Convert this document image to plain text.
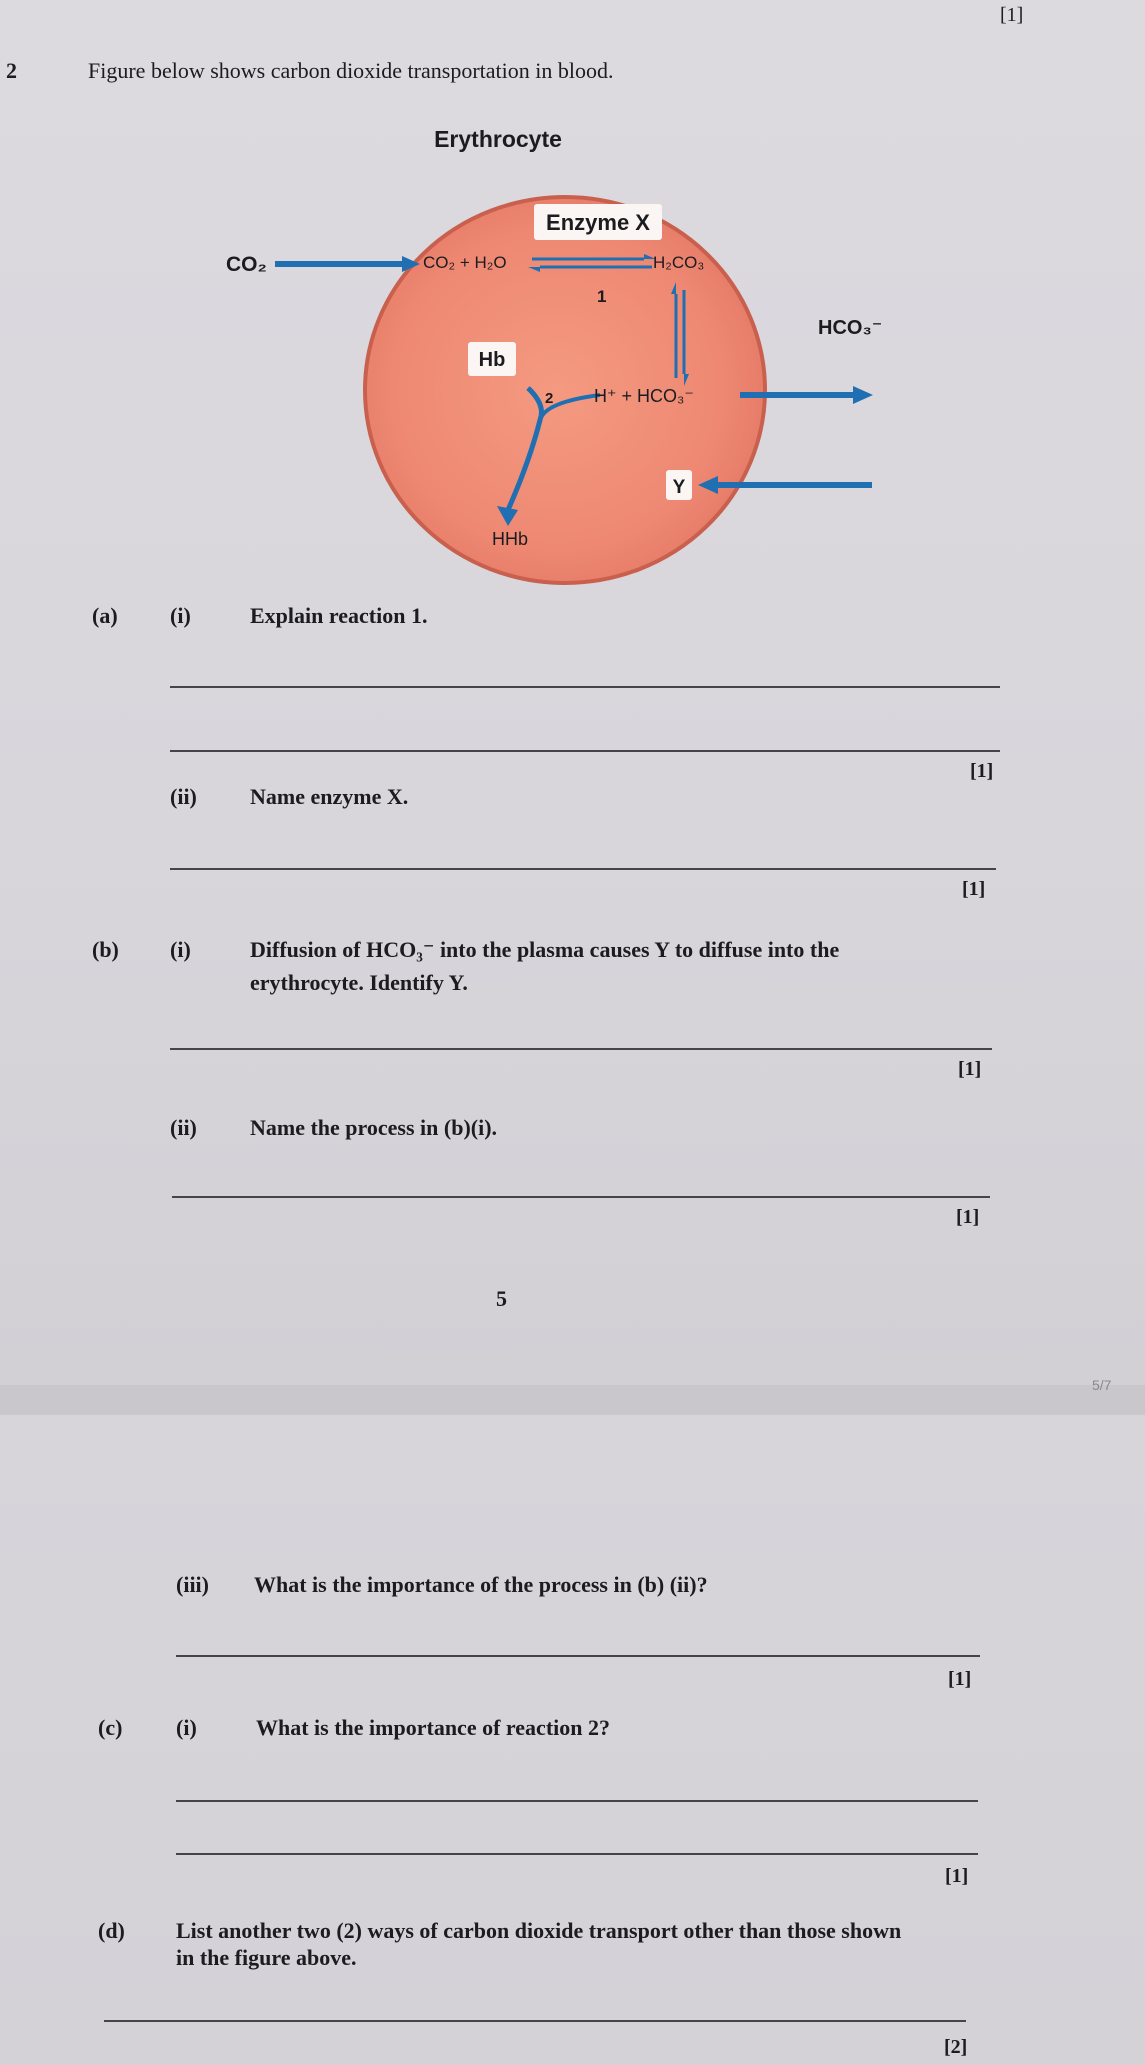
[1]
2	Figure below shows carbon dioxide transportation in blood.
Erythrocyte
CO₂
Enzyme X
CO₂ + H₂O	H₂CO₃
1
HCO₃⁻
Hb
2 H⁺ + HCO₃⁻
Y
HHb
(a) (i)	Explain reaction 1.
[1]
(ii) Name enzyme X.
[1]
(b) (i)	Diffusion of HCO₃⁻ into the plasma causes Y to diffuse into the
erythrocyte. Identify Y.
[1]
(ii) Name the process in (b)(i).
[1]
5
5/7
(iii) What is the importance of the process in (b) (ii)?
[1]
(c) (i)	What is the importance of reaction 2?
[1]
(d) List another two (2) ways of carbon dioxide transport other than those shown
in the figure above.
[2]
